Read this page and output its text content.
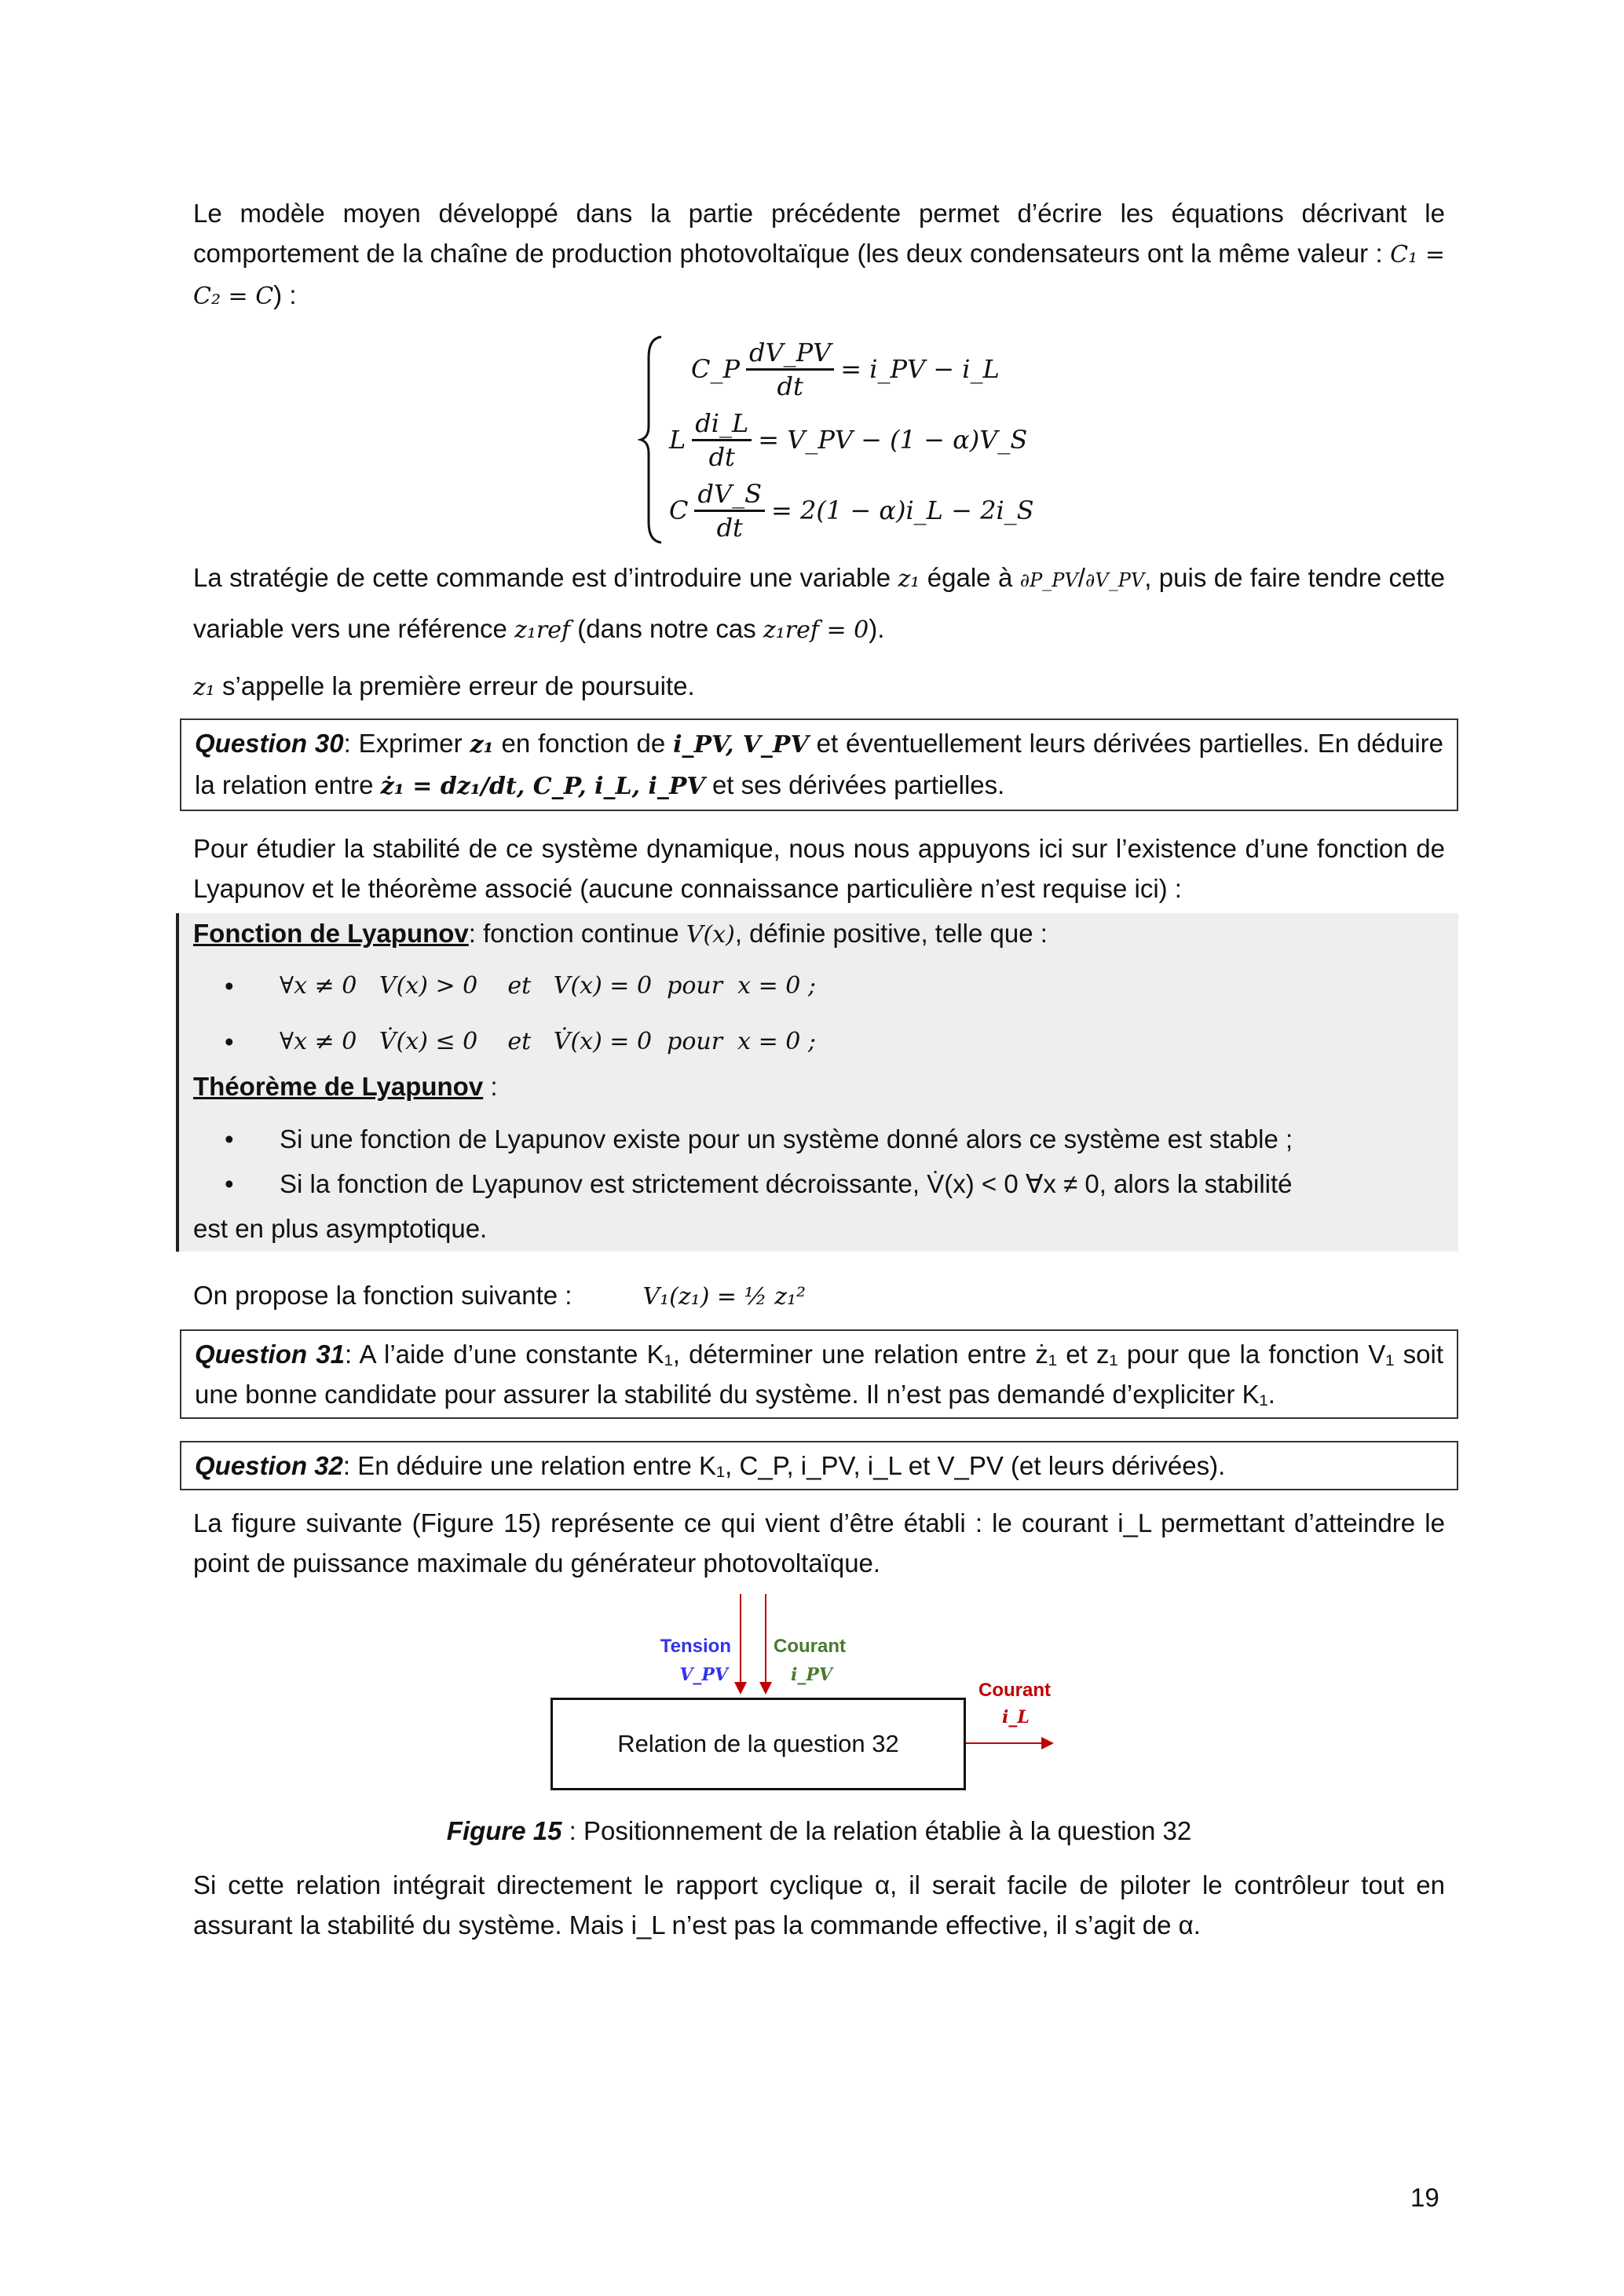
Le modèle moyen développé dans la partie précédente permet d’écrire les équations décrivant le comportement de la chaîne de production photovoltaïque (les deux condensateurs ont la même valeur : C₁ = C₂ = C) :
C_P $\frac{dV\_PV}{dt}$ = i_PV − i_L
L $\frac{di\_L}{dt}$ = V_PV − (1 − α)V_S
C $\frac{dV\_S}{dt} = 2(1$ − α)i_L − 2i_S
La stratégie de cette commande est d’introduire une variable z₁ égale à ∂P_PV/∂V_PV, puis de faire tendre cette variable vers une référence z₁ref (dans notre cas z₁ref = 0).
z₁ s’appelle la première erreur de poursuite.
Question 30: Exprimer z₁ en fonction de i_PV, V_PV et éventuellement leurs dérivées partielles. En déduire la relation entre ż₁ = dz₁/dt, C_P, i_L, i_PV et ses dérivées partielles.
Pour étudier la stabilité de ce système dynamique, nous nous appuyons ici sur l’existence d’une fonction de Lyapunov et le théorème associé (aucune connaissance particulière n’est requise ici) :
Fonction de Lyapunov: fonction continue V(x), définie positive, telle que :
•	∀x ≠ 0   V(x) > 0    et   V(x) = 0  pour  x = 0 ;
•	∀x ≠ 0   V̇(x) ≤ 0    et   V̇(x) = 0  pour  x = 0 ;
Théorème de Lyapunov :
•	Si une fonction de Lyapunov existe pour un système donné alors ce système est stable ;
•	Si la fonction de Lyapunov est strictement décroissante, V̇(x) < 0 ∀x ≠ 0, alors la stabilité
est en plus asymptotique.
On propose la fonction suivante :	V₁(z₁) = ½ z₁²
Question 31: A l’aide d’une constante K₁, déterminer une relation entre ż₁ et z₁ pour que la fonction V₁ soit une bonne candidate pour assurer la stabilité du système. Il n’est pas demandé d’expliciter K₁.
Question 32: En déduire une relation entre K₁, C_P, i_PV, i_L et V_PV (et leurs dérivées).
La figure suivante (Figure 15) représente ce qui vient d’être établi : le courant i_L permettant d’atteindre le point de puissance maximale du générateur photovoltaïque.
Tension
V_PV
Courant
i_PV
Courant
i_L
Relation de la question 32
Figure 15 : Positionnement de la relation établie à la question 32
Si cette relation intégrait directement le rapport cyclique α, il serait facile de piloter le contrôleur tout en assurant la stabilité du système. Mais i_L n’est pas la commande effective, il s’agit de α.
19
